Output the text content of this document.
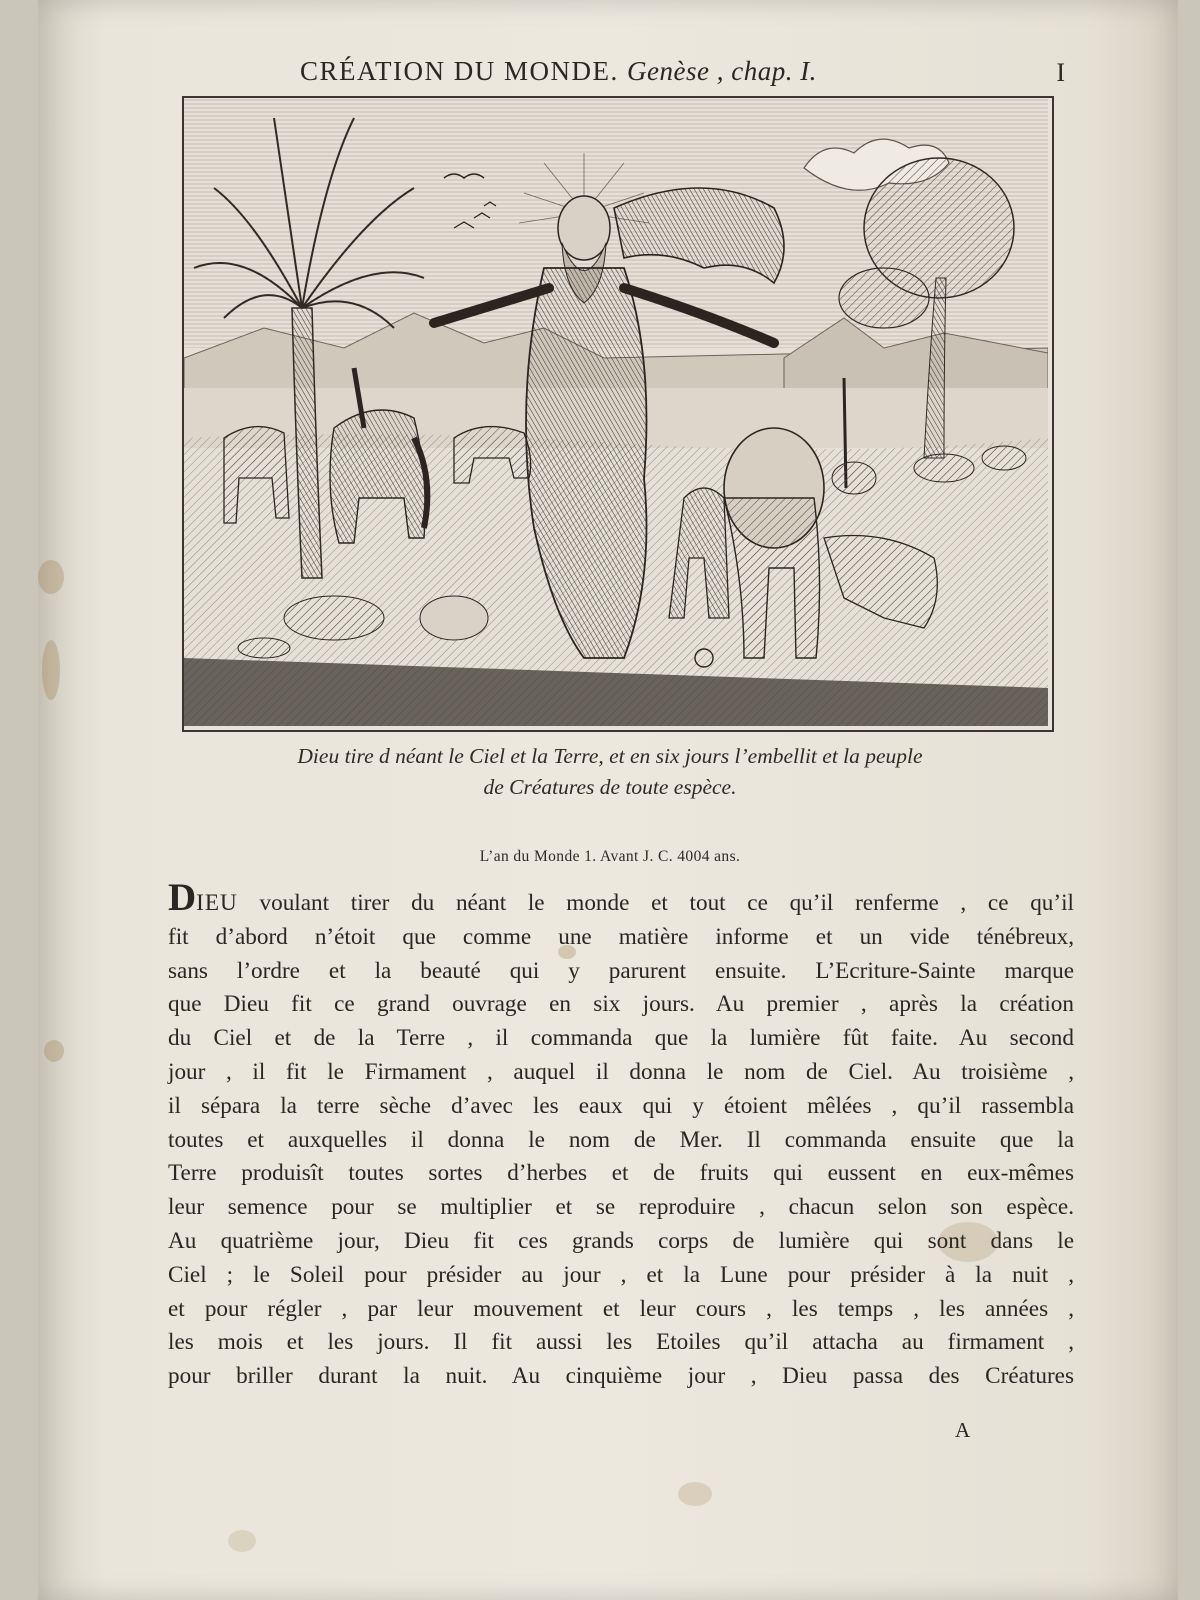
CRÉATION DU MONDE. Genèse , chap. I.	I
Dieu tire d néant le Ciel et la Terre, et en six jours l’embellit et la peuple
de Créatures de toute espèce.
L’an du Monde 1. Avant J. C. 4004 ans.
DIEU voulant tirer du néant le monde et tout ce qu’il renferme , ce qu’il
fit d’abord n’étoit que comme une matière informe et un vide ténébreux,
sans l’ordre et la beauté qui y parurent ensuite. L’Ecriture-Sainte marque
que Dieu fit ce grand ouvrage en six jours. Au premier , après la création
du Ciel et de la Terre , il commanda que la lumière fût faite. Au second
jour , il fit le Firmament , auquel il donna le nom de Ciel. Au troisième ,
il sépara la terre sèche d’avec les eaux qui y étoient mêlées , qu’il rassembla
toutes et auxquelles il donna le nom de Mer. Il commanda ensuite que la
Terre produisît toutes sortes d’herbes et de fruits qui eussent en eux-mêmes
leur semence pour se multiplier et se reproduire , chacun selon son espèce.
Au quatrième jour, Dieu fit ces grands corps de lumière qui sont dans le
Ciel ; le Soleil pour présider au jour , et la Lune pour présider à la nuit ,
et pour régler , par leur mouvement et leur cours , les temps , les années ,
les mois et les jours. Il fit aussi les Etoiles qu’il attacha au firmament ,
pour briller durant la nuit. Au cinquième jour , Dieu passa des Créatures
A
